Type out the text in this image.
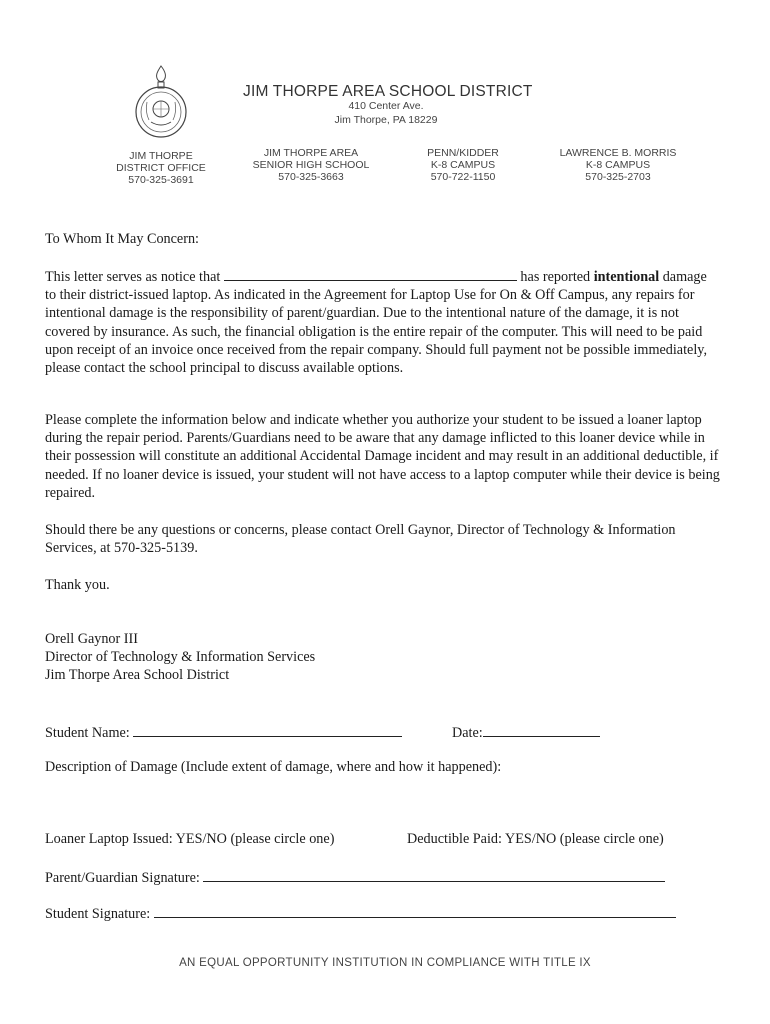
JIM THORPE AREA SCHOOL DISTRICT
410 Center Ave.
Jim Thorpe, PA 18229
JIM THORPE
DISTRICT OFFICE
570-325-3691
JIM THORPE AREA
SENIOR HIGH SCHOOL
570-325-3663
PENN/KIDDER
K-8 CAMPUS
570-722-1150
LAWRENCE B. MORRIS
K-8 CAMPUS
570-325-2703
To Whom It May Concern:
This letter serves as notice that	has reported intentional damage to their district-issued laptop. As indicated in the Agreement for Laptop Use for On & Off Campus, any repairs for intentional damage is the responsibility of parent/guardian. Due to the intentional nature of the damage, it is not covered by insurance. As such, the financial obligation is the entire repair of the computer. This will need to be paid upon receipt of an invoice once received from the repair company. Should full payment not be possible immediately, please contact the school principal to discuss available options.
Please complete the information below and indicate whether you authorize your student to be issued a loaner laptop during the repair period. Parents/Guardians need to be aware that any damage inflicted to this loaner device while in their possession will constitute an additional Accidental Damage incident and may result in an additional deductible, if needed. If no loaner device is issued, your student will not have access to a laptop computer while their device is being repaired.
Should there be any questions or concerns, please contact Orell Gaynor, Director of Technology & Information Services, at 570-325-5139.
Thank you.
Orell Gaynor III
Director of Technology & Information Services
Jim Thorpe Area School District
Student Name:	Date:
Description of Damage (Include extent of damage, where and how it happened):
Loaner Laptop Issued: YES/NO (please circle one)	Deductible Paid: YES/NO (please circle one)
Parent/Guardian Signature:
Student Signature:
AN EQUAL OPPORTUNITY INSTITUTION IN COMPLIANCE WITH TITLE IX
